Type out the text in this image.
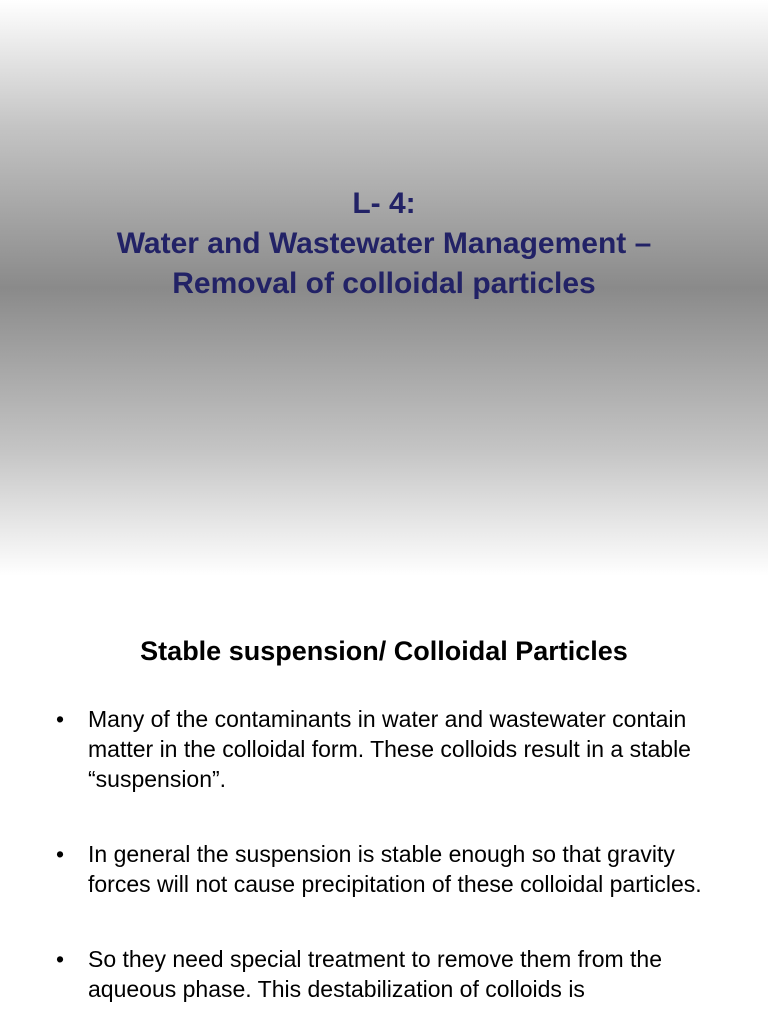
L- 4:
Water and Wastewater Management –
Removal of colloidal particles
Stable suspension/ Colloidal Particles
•	Many of the contaminants in water and wastewater contain matter in the colloidal form. These colloids result in a stable “suspension”.
•	In general the suspension is stable enough so that gravity forces will not cause precipitation of these colloidal particles.
•	So they need special treatment to remove them from the aqueous phase. This destabilization of colloids is
